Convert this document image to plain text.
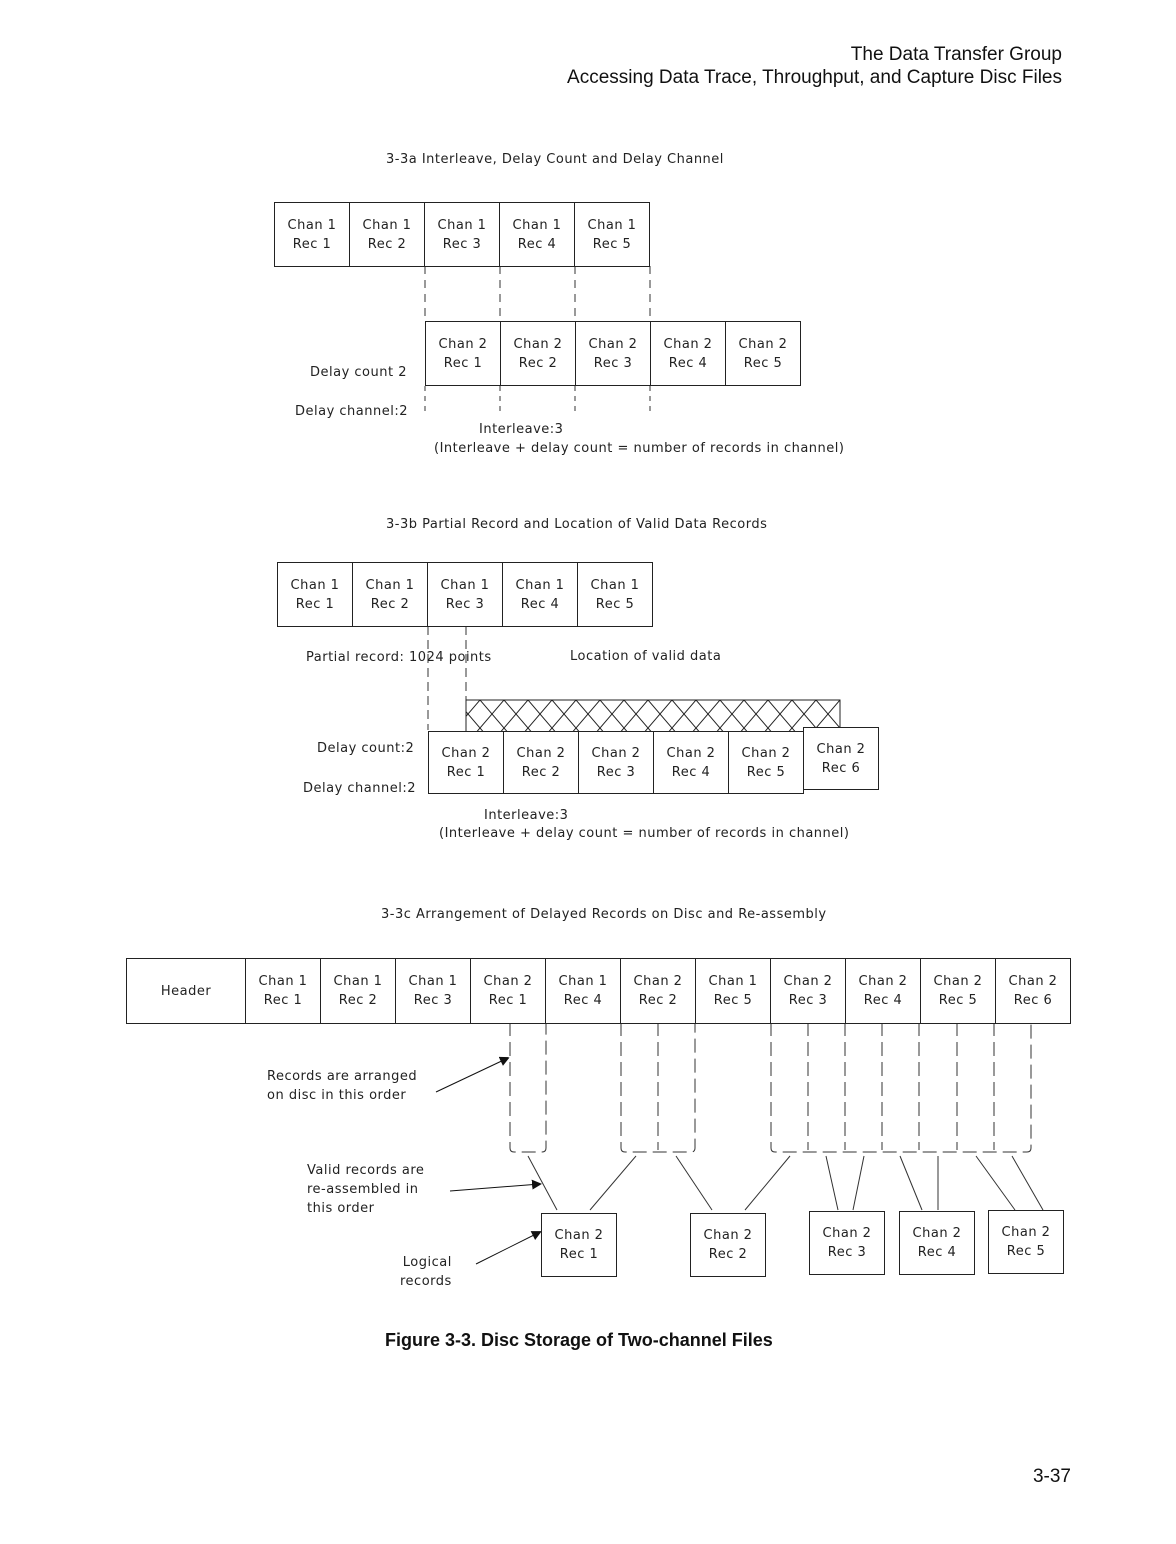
The Data Transfer Group
Accessing Data Trace, Throughput, and Capture Disc Files
3-3a Interleave, Delay Count and Delay Channel
Chan 1
Rec 1
Chan 1
Rec 2
Chan 1
Rec 3
Chan 1
Rec 4
Chan 1
Rec 5
Chan 2
Rec 1
Chan 2
Rec 2
Chan 2
Rec 3
Chan 2
Rec 4
Chan 2
Rec 5
Delay count 2
Delay channel:2
Interleave:3
(Interleave + delay count = number of records in channel)
3-3b Partial Record and Location of Valid Data Records
Chan 1
Rec 1
Chan 1
Rec 2
Chan 1
Rec 3
Chan 1
Rec 4
Chan 1
Rec 5
Partial record: 1024 points	Location of valid data
Chan 2
Rec 1
Chan 2
Rec 2
Chan 2
Rec 3
Chan 2
Rec 4
Chan 2
Rec 5
Chan 2
Rec 6
Delay count:2
Delay channel:2
Interleave:3
(Interleave + delay count = number of records in channel)
3-3c Arrangement of Delayed Records on Disc and Re-assembly
Header
Chan 1
Rec 1
Chan 1
Rec 2
Chan 1
Rec 3
Chan 2
Rec 1
Chan 1
Rec 4
Chan 2
Rec 2
Chan 1
Rec 5
Chan 2
Rec 3
Chan 2
Rec 4
Chan 2
Rec 5
Chan 2
Rec 6
Records are arranged
on disc in this order
Valid records are
re-assembled in
this order
Logical
records
Chan 2
Rec 1
Chan 2
Rec 2
Chan 2
Rec 3
Chan 2
Rec 4
Chan 2
Rec 5
Figure 3-3. Disc Storage of Two-channel Files
3-37
